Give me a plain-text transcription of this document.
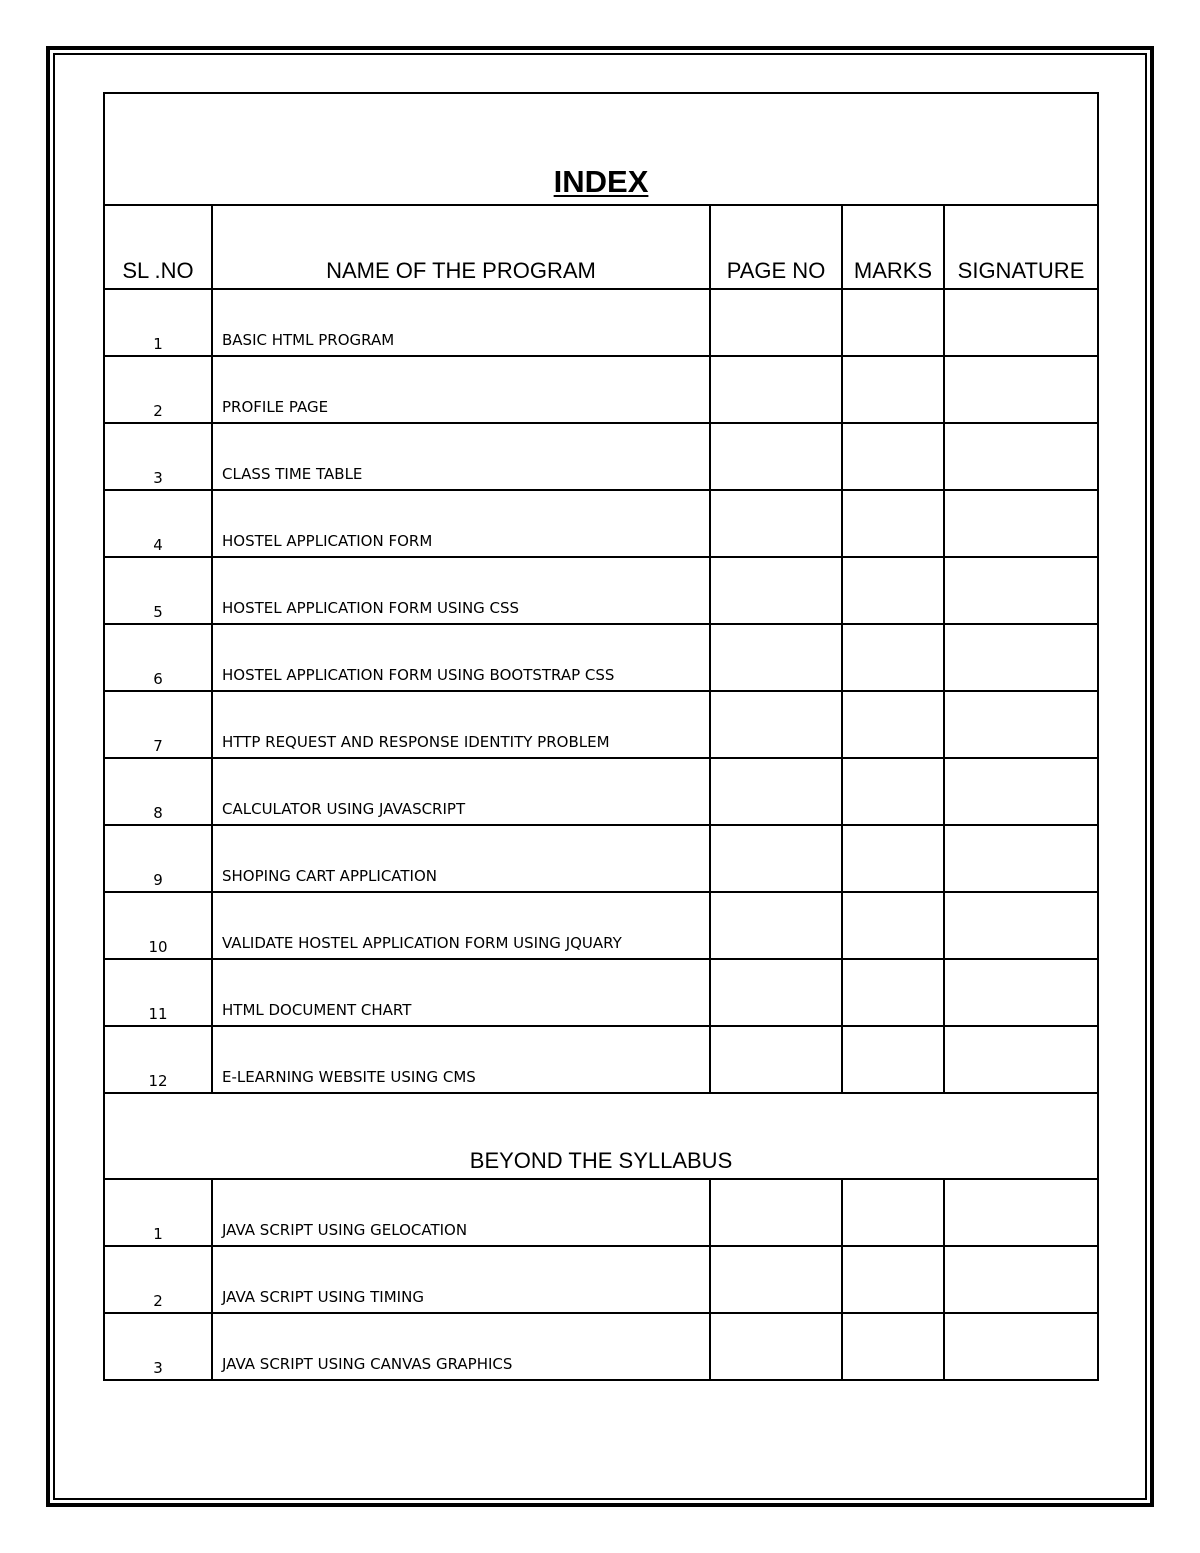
INDEX				
SL .NO	NAME OF THE PROGRAM	PAGE NO	MARKS	SIGNATURE
1	BASIC HTML PROGRAM			
2	PROFILE PAGE			
3	CLASS TIME TABLE			
4	HOSTEL APPLICATION FORM			
5	HOSTEL APPLICATION FORM USING CSS			
6	HOSTEL APPLICATION FORM USING BOOTSTRAP CSS			
7	HTTP REQUEST AND RESPONSE IDENTITY PROBLEM			
8	CALCULATOR USING JAVASCRIPT			
9	SHOPING CART APPLICATION			
10	VALIDATE HOSTEL APPLICATION FORM USING JQUARY			
11	HTML DOCUMENT CHART			
12	E-LEARNING WEBSITE USING CMS			
BEYOND THE SYLLABUS				
1	JAVA SCRIPT USING GELOCATION			
2	JAVA SCRIPT USING TIMING			
3	JAVA SCRIPT USING CANVAS GRAPHICS			
